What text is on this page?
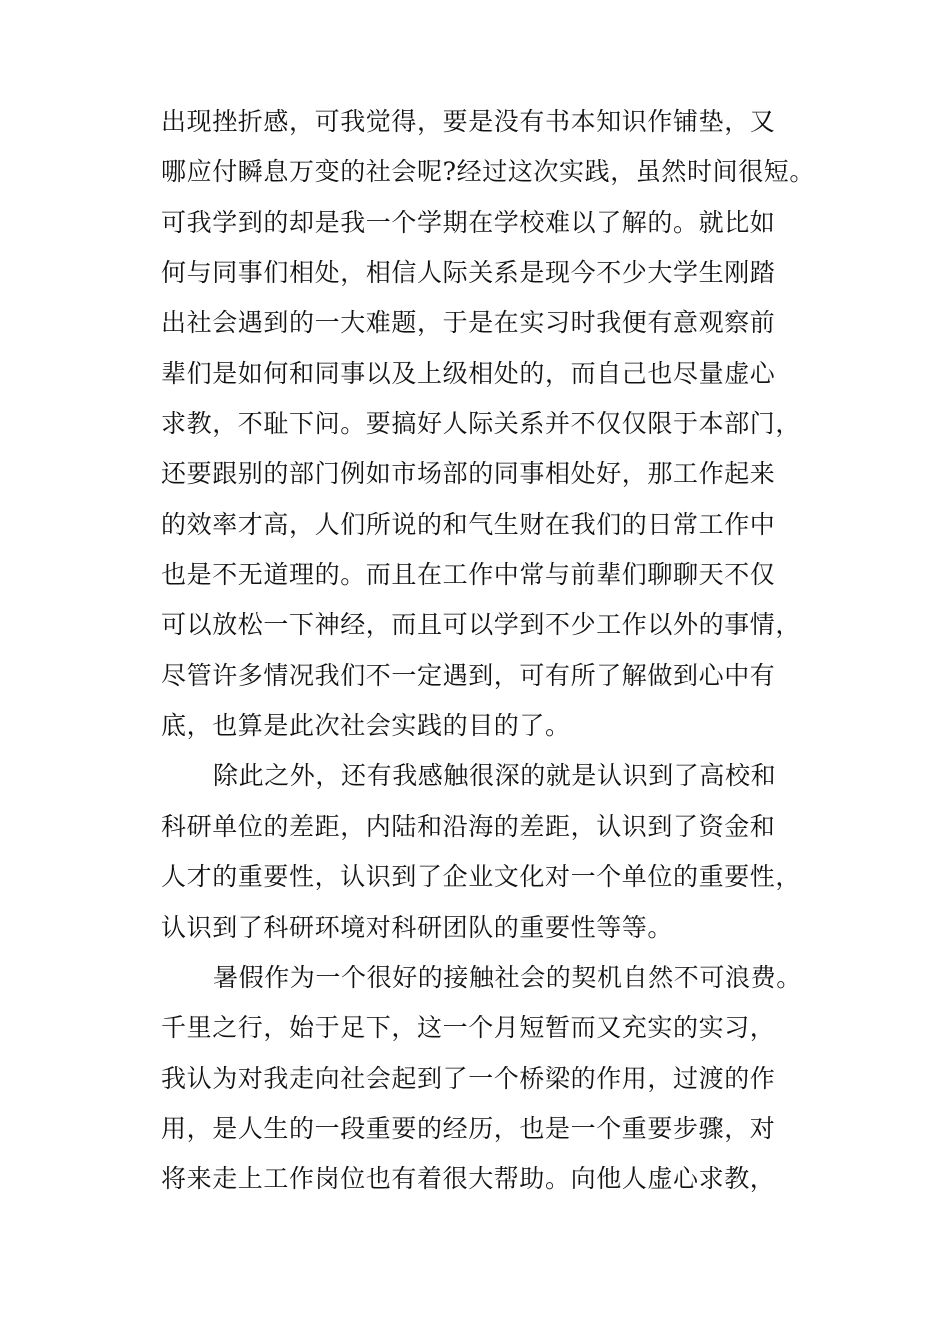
出现挫折感，可我觉得，要是没有书本知识作铺垫，又
哪应付瞬息万变的社会呢?经过这次实践，虽然时间很短。
可我学到的却是我一个学期在学校难以了解的。就比如
何与同事们相处，相信人际关系是现今不少大学生刚踏
出社会遇到的一大难题，于是在实习时我便有意观察前
辈们是如何和同事以及上级相处的，而自己也尽量虚心
求教，不耻下问。要搞好人际关系并不仅仅限于本部门，
还要跟别的部门例如市场部的同事相处好，那工作起来
的效率才高，人们所说的和气生财在我们的日常工作中
也是不无道理的。而且在工作中常与前辈们聊聊天不仅
可以放松一下神经，而且可以学到不少工作以外的事情，
尽管许多情况我们不一定遇到，可有所了解做到心中有
底，也算是此次社会实践的目的了。
除此之外，还有我感触很深的就是认识到了高校和
科研单位的差距，内陆和沿海的差距，认识到了资金和
人才的重要性，认识到了企业文化对一个单位的重要性，
认识到了科研环境对科研团队的重要性等等。
暑假作为一个很好的接触社会的契机自然不可浪费。
千里之行，始于足下，这一个月短暂而又充实的实习，
我认为对我走向社会起到了一个桥梁的作用，过渡的作
用，是人生的一段重要的经历，也是一个重要步骤，对
将来走上工作岗位也有着很大帮助。向他人虚心求教，
